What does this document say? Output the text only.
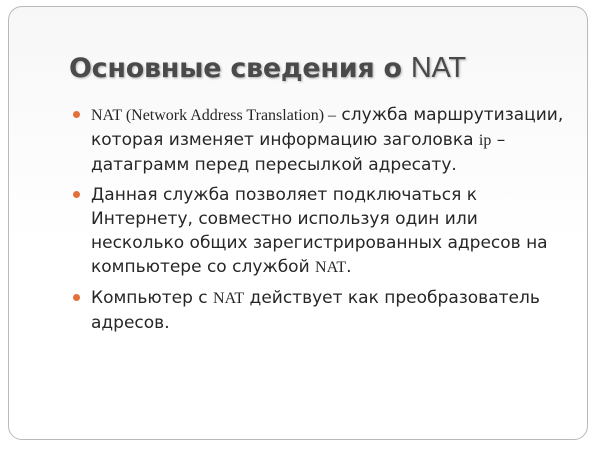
Основные сведения о NAT
NAT (Network Address Translation) – служба маршрутизации, которая изменяет информацию заголовка ip – датаграмм перед пересылкой адресату.
Данная служба позволяет подключаться к Интернету, совместно используя один или несколько общих зарегистрированных адресов на компьютере со службой NAT.
Компьютер с NAT действует как преобразователь адресов.
